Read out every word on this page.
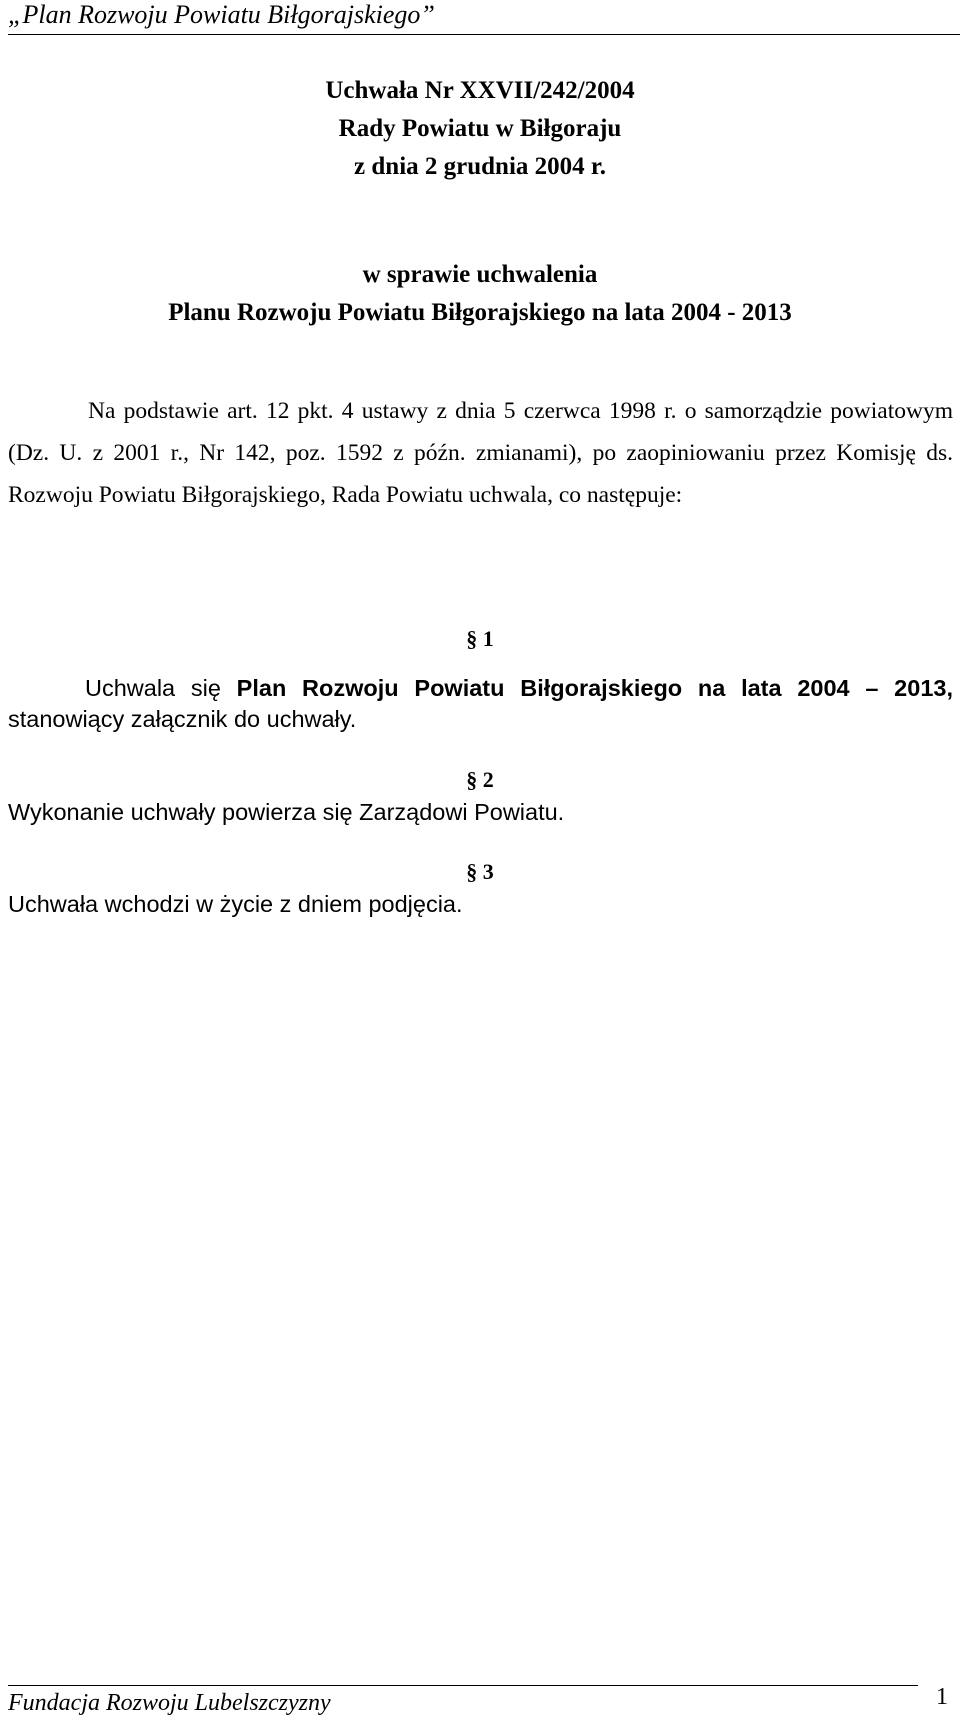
„Plan Rozwoju Powiatu Biłgorajskiego”
Uchwała Nr XXVII/242/2004
Rady Powiatu w Biłgoraju
z dnia 2 grudnia 2004 r.
w sprawie uchwalenia
Planu Rozwoju Powiatu Biłgorajskiego na lata 2004 - 2013
Na podstawie art. 12 pkt. 4 ustawy z dnia 5 czerwca 1998 r. o samorządzie powiatowym (Dz. U. z 2001 r., Nr 142, poz. 1592 z późn. zmianami), po zaopiniowaniu przez Komisję ds. Rozwoju Powiatu Biłgorajskiego, Rada Powiatu uchwala, co następuje:
§ 1
Uchwala się Plan Rozwoju Powiatu Biłgorajskiego na lata 2004 – 2013, stanowiący załącznik do uchwały.
§ 2
Wykonanie uchwały powierza się Zarządowi Powiatu.
§ 3
Uchwała wchodzi w życie z dniem podjęcia.
Fundacja Rozwoju Lubelszczyzny	1
